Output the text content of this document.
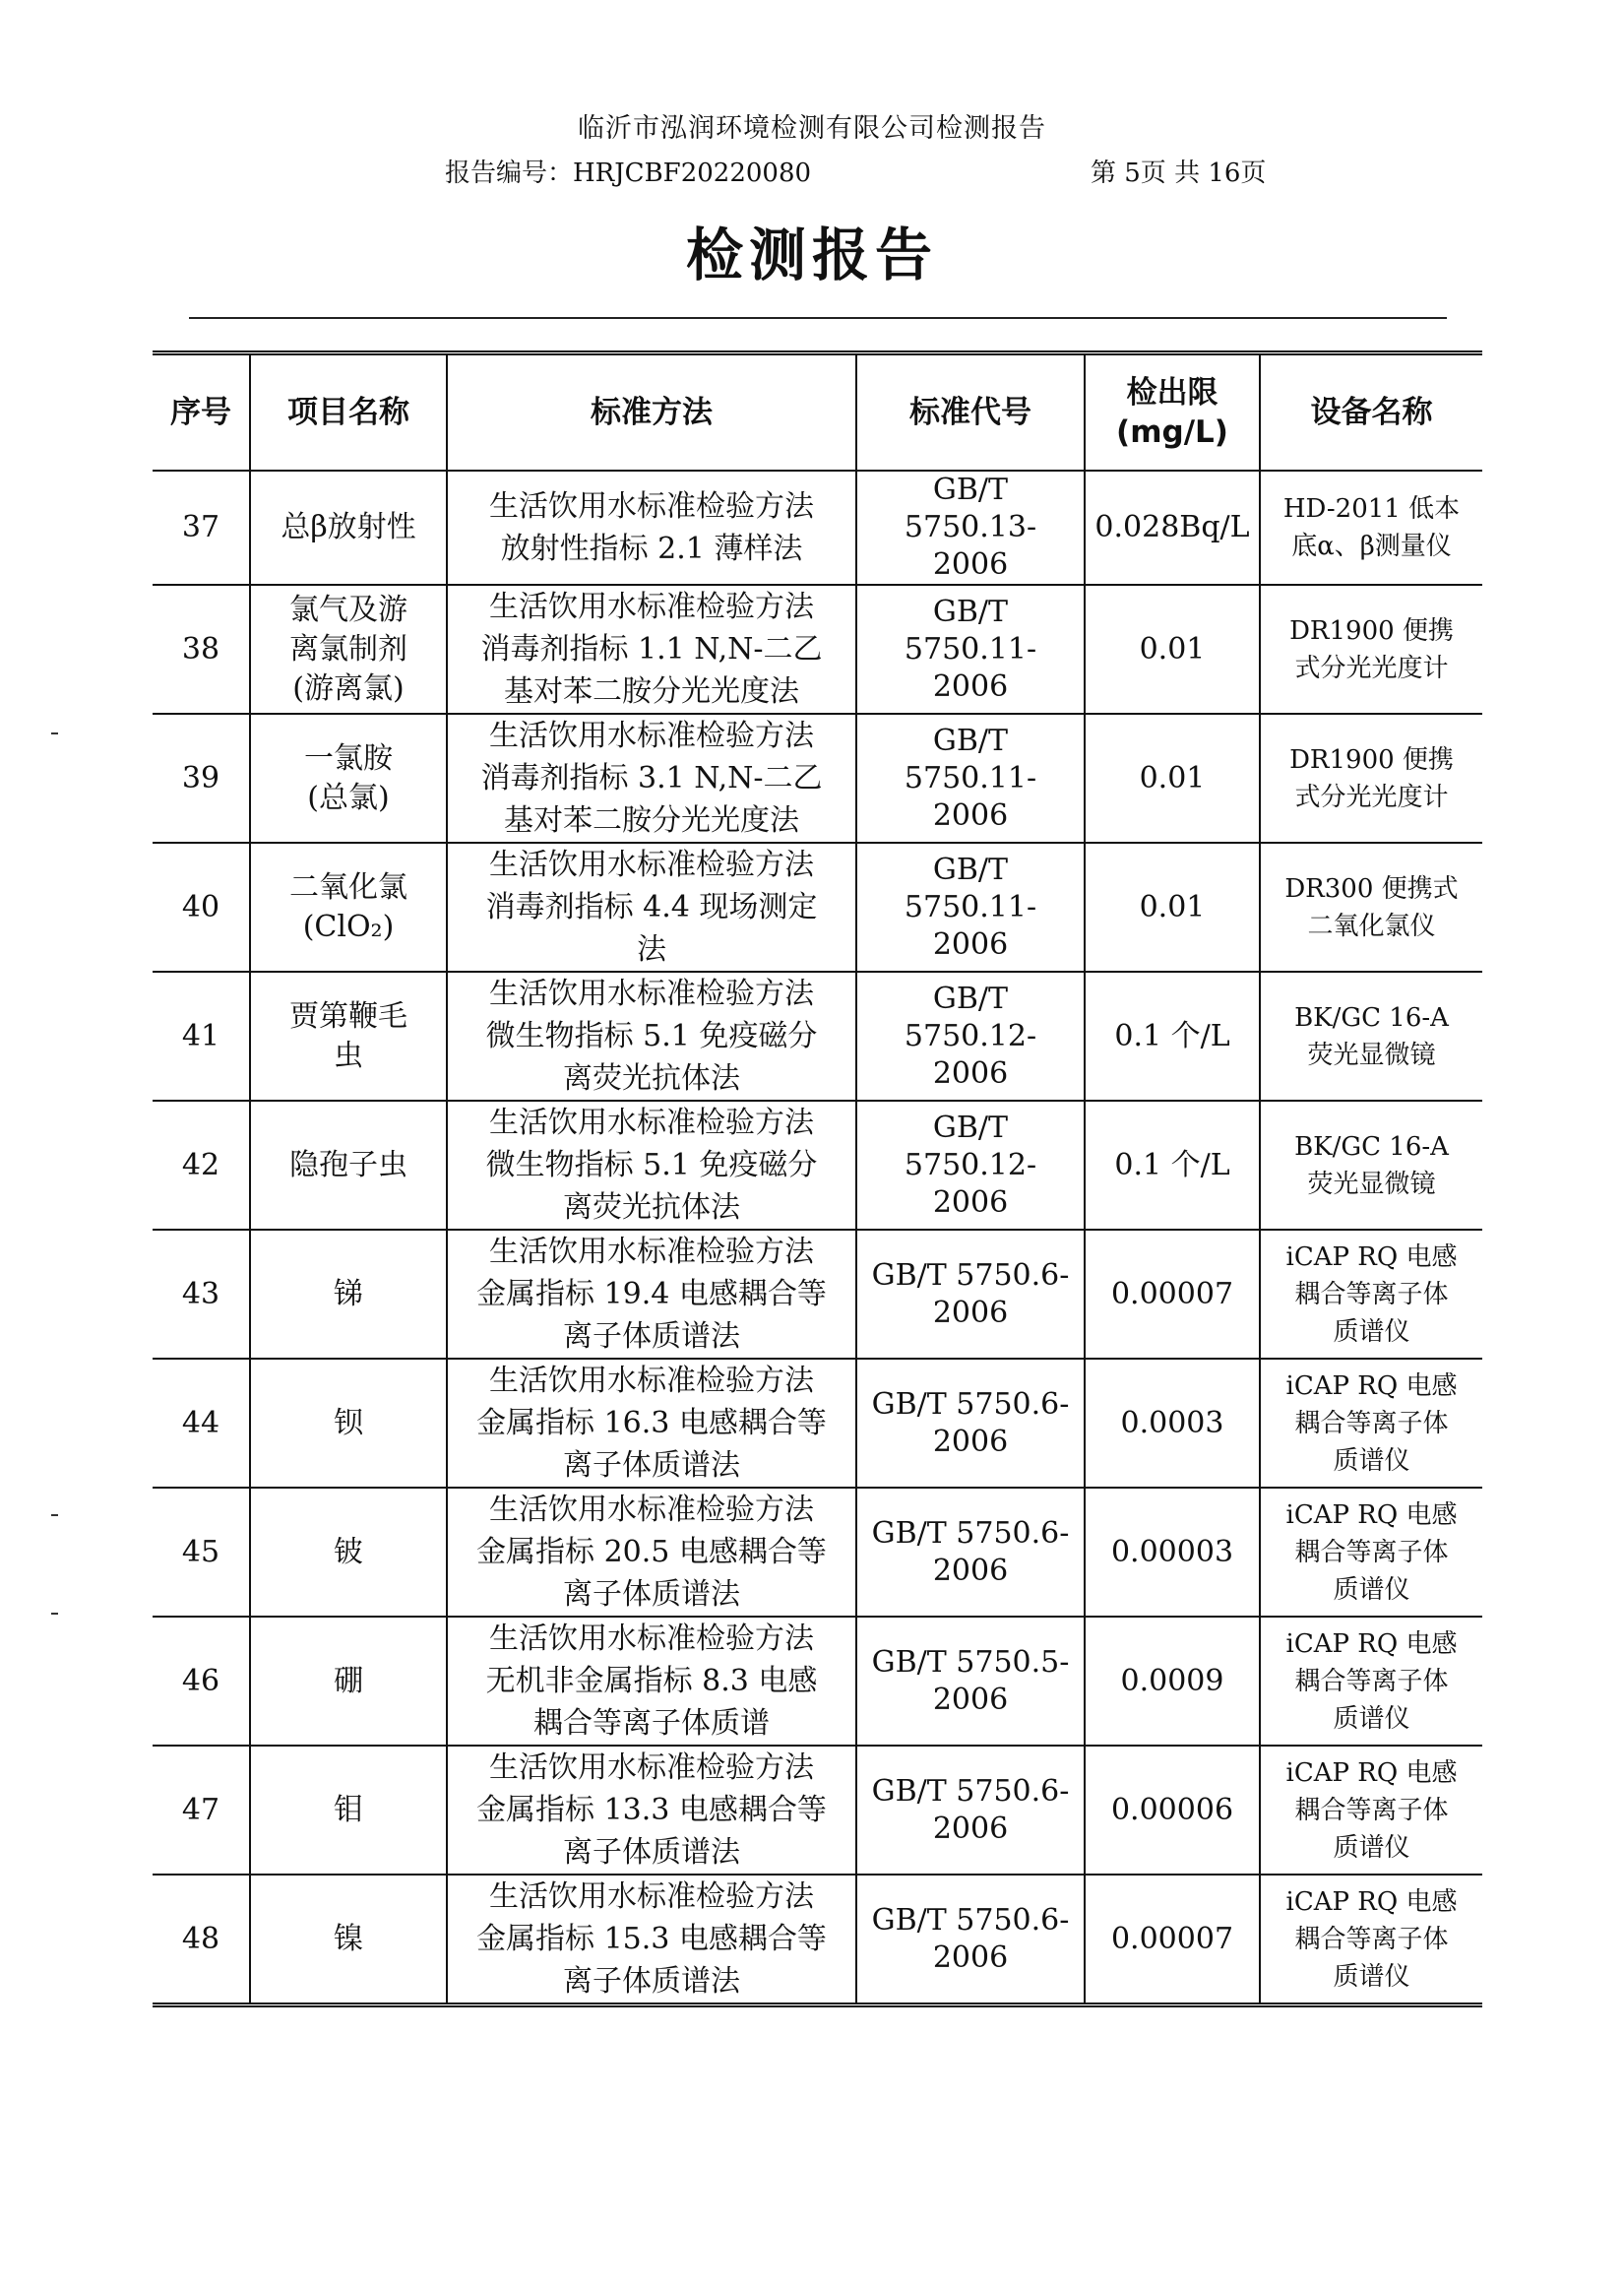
临沂市泓润环境检测有限公司检测报告
报告编号：HRJCBF20220080	第 5页 共 16页
检测报告
序号	项目名称	标准方法	标准代号	检出限
(mg/L)	设备名称
37	总β放射性	生活饮用水标准检验方法
放射性指标 2.1 薄样法	GB/T 5750.13-
2006	0.028Bq/L	HD-2011 低本
底α、β测量仪
38	氯气及游
离氯制剂
(游离氯)	生活饮用水标准检验方法
消毒剂指标 1.1 N,N-二乙
基对苯二胺分光光度法	GB/T 5750.11-
2006	0.01	DR1900 便携
式分光光度计
39	一氯胺
(总氯)	生活饮用水标准检验方法
消毒剂指标 3.1 N,N-二乙
基对苯二胺分光光度法	GB/T 5750.11-
2006	0.01	DR1900 便携
式分光光度计
40	二氧化氯
(ClO₂)	生活饮用水标准检验方法
消毒剂指标 4.4 现场测定
法	GB/T 5750.11-
2006	0.01	DR300 便携式
二氧化氯仪
41	贾第鞭毛
虫	生活饮用水标准检验方法
微生物指标 5.1 免疫磁分
离荧光抗体法	GB/T 5750.12-
2006	0.1 个/L	BK/GC 16-A
荧光显微镜
42	隐孢子虫	生活饮用水标准检验方法
微生物指标 5.1 免疫磁分
离荧光抗体法	GB/T 5750.12-
2006	0.1 个/L	BK/GC 16-A
荧光显微镜
43	锑	生活饮用水标准检验方法
金属指标 19.4 电感耦合等
离子体质谱法	GB/T 5750.6-
2006	0.00007	iCAP RQ 电感
耦合等离子体
质谱仪
44	钡	生活饮用水标准检验方法
金属指标 16.3 电感耦合等
离子体质谱法	GB/T 5750.6-
2006	0.0003	iCAP RQ 电感
耦合等离子体
质谱仪
45	铍	生活饮用水标准检验方法
金属指标 20.5 电感耦合等
离子体质谱法	GB/T 5750.6-
2006	0.00003	iCAP RQ 电感
耦合等离子体
质谱仪
46	硼	生活饮用水标准检验方法
无机非金属指标 8.3 电感
耦合等离子体质谱	GB/T 5750.5-
2006	0.0009	iCAP RQ 电感
耦合等离子体
质谱仪
47	钼	生活饮用水标准检验方法
金属指标 13.3 电感耦合等
离子体质谱法	GB/T 5750.6-
2006	0.00006	iCAP RQ 电感
耦合等离子体
质谱仪
48	镍	生活饮用水标准检验方法
金属指标 15.3 电感耦合等
离子体质谱法	GB/T 5750.6-
2006	0.00007	iCAP RQ 电感
耦合等离子体
质谱仪
